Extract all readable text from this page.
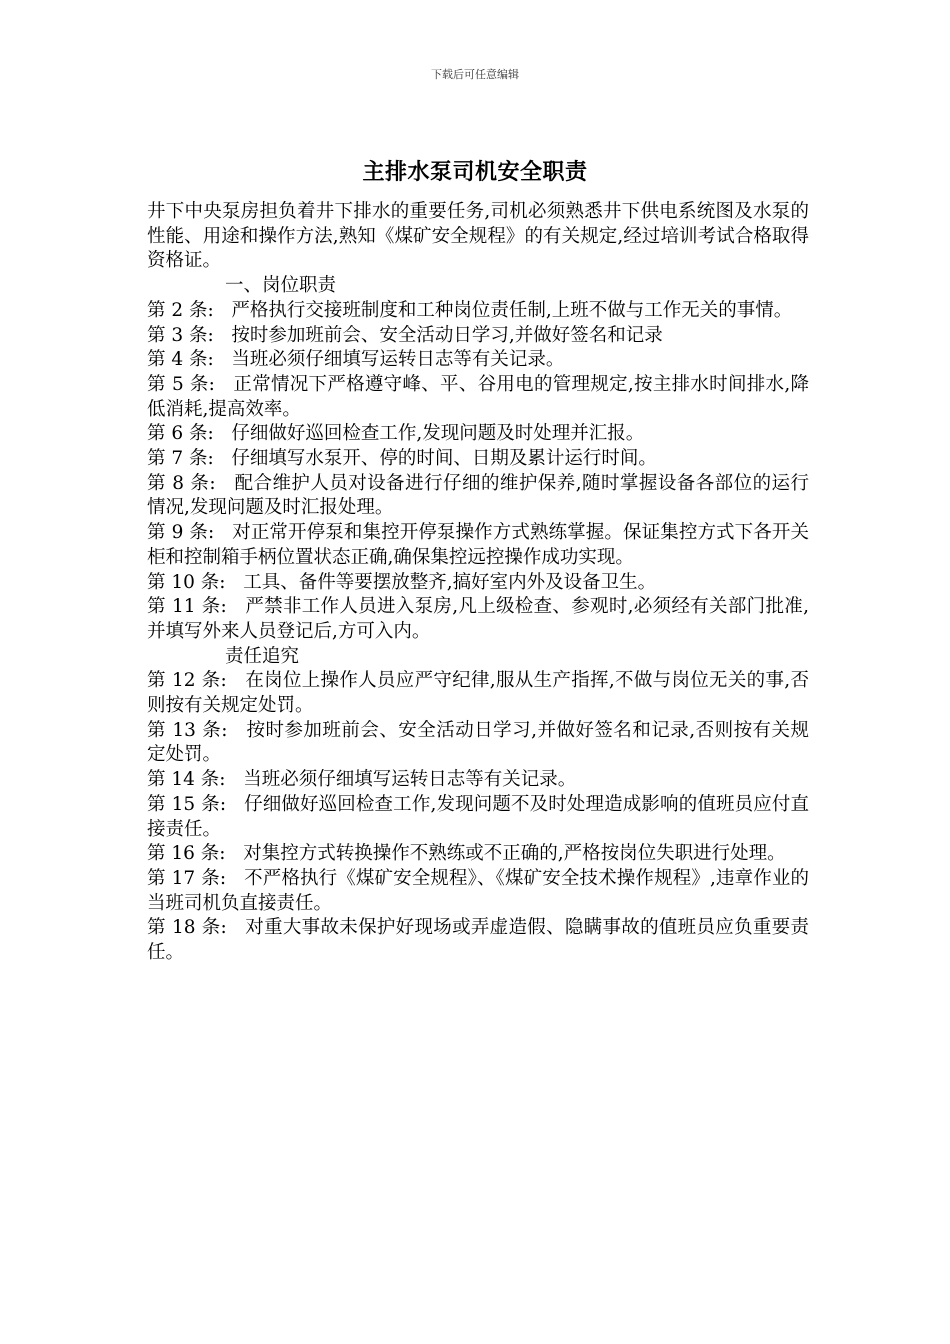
下载后可任意编辑
主排水泵司机安全职责

井下中央泵房担负着井下排水的重要任务,司机必须熟悉井下供电系统图及水泵的性能、用途和操作方法,熟知《煤矿安全规程》的有关规定,经过培训考试合格取得资格证。

一、岗位职责

第 2 条: 严格执行交接班制度和工种岗位责任制,上班不做与工作无关的事情。

第 3 条: 按时参加班前会、安全活动日学习,并做好签名和记录

第 4 条: 当班必须仔细填写运转日志等有关记录。

第 5 条: 正常情况下严格遵守峰、平、谷用电的管理规定,按主排水时间排水,降低消耗,提高效率。

第 6 条: 仔细做好巡回检查工作,发现问题及时处理并汇报。

第 7 条: 仔细填写水泵开、停的时间、日期及累计运行时间。

第 8 条: 配合维护人员对设备进行仔细的维护保养,随时掌握设备各部位的运行情况,发现问题及时汇报处理。

第 9 条: 对正常开停泵和集控开停泵操作方式熟练掌握。保证集控方式下各开关柜和控制箱手柄位置状态正确,确保集控远控操作成功实现。

第 10 条: 工具、备件等要摆放整齐,搞好室内外及设备卫生。

第 11 条: 严禁非工作人员进入泵房,凡上级检查、参观时,必须经有关部门批准,并填写外来人员登记后,方可入内。

责任追究

第 12 条: 在岗位上操作人员应严守纪律,服从生产指挥,不做与岗位无关的事,否则按有关规定处罚。

第 13 条: 按时参加班前会、安全活动日学习,并做好签名和记录,否则按有关规定处罚。

第 14 条: 当班必须仔细填写运转日志等有关记录。

第 15 条: 仔细做好巡回检查工作,发现问题不及时处理造成影响的值班员应付直接责任。

第 16 条: 对集控方式转换操作不熟练或不正确的,严格按岗位失职进行处理。

第 17 条: 不严格执行《煤矿安全规程》、《煤矿安全技术操作规程》,违章作业的当班司机负直接责任。

第 18 条: 对重大事故未保护好现场或弄虚造假、隐瞒事故的值班员应负重要责任。
